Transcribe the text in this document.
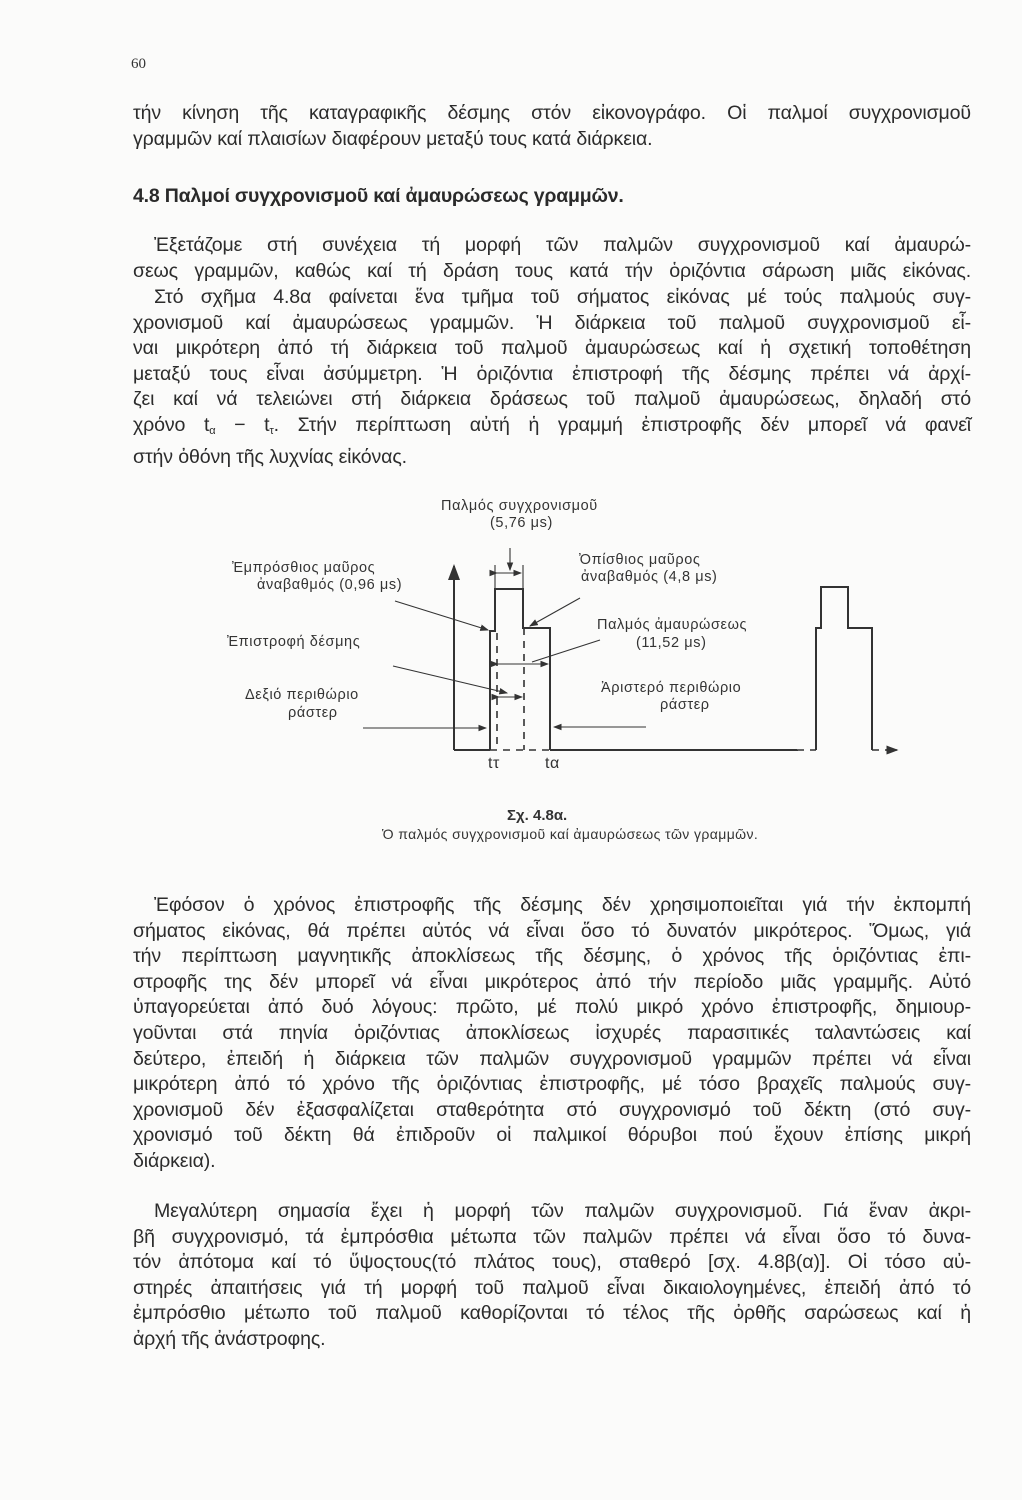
60
τήν κίνηση τῆς καταγραφικῆς δέσμης στόν εἰκονογράφο. Οἱ παλμοί συγχρονισμοῦ
γραμμῶν καί πλαισίων διαφέρουν μεταξύ τους κατά διάρκεια.
4.8 Παλμοί συγχρονισμοῦ καί ἀμαυρώσεως γραμμῶν.
Ἐξετάζομε στή συνέχεια τή μορφή τῶν παλμῶν συγχρονισμοῦ καί ἀμαυρώ-
σεως γραμμῶν, καθώς καί τή δράση τους κατά τήν ὁριζόντια σάρωση μιᾶς εἰκόνας.
Στό σχῆμα 4.8α φαίνεται ἕνα τμῆμα τοῦ σήματος εἰκόνας μέ τούς παλμούς συγ-
χρονισμοῦ καί ἀμαυρώσεως γραμμῶν. Ἡ διάρκεια τοῦ παλμοῦ συγχρονισμοῦ εἶ-
ναι μικρότερη ἀπό τή διάρκεια τοῦ παλμοῦ ἀμαυρώσεως καί ἡ σχετική τοποθέτηση
μεταξύ τους εἶναι ἀσύμμετρη. Ἡ ὁριζόντια ἐπιστροφή τῆς δέσμης πρέπει νά ἀρχί-
ζει καί νά τελειώνει στή διάρκεια δράσεως τοῦ παλμοῦ ἀμαυρώσεως, δηλαδή στό
χρόνο $t_\alpha - t_\tau$. Στήν περίπτωση αὐτή ἡ γραμμή ἐπιστροφῆς δέν μπορεῖ νά φανεῖ
στήν ὀθόνη τῆς λυχνίας εἰκόνας.
Παλμός συγχρονισμοῦ
(5,76 μs)
Ἐμπρόσθιος μαῦρος
ἀναβαθμός (0,96 μs)
Ὀπίσθιος μαῦρος
ἀναβαθμός (4,8 μs)
Παλμός ἀμαυρώσεως
(11,52 μs)
Ἐπιστροφή δέσμης
Δεξιό περιθώριο
ράστερ
Ἀριστερό περιθώριο
ράστερ
tτ	tα
Σχ. 4.8α.
Ὁ παλμός συγχρονισμοῦ καί ἀμαυρώσεως τῶν γραμμῶν.
Ἐφόσον ὁ χρόνος ἐπιστροφῆς τῆς δέσμης δέν χρησιμοποιεῖται γιά τήν ἐκπομπή
σήματος εἰκόνας, θά πρέπει αὐτός νά εἶναι ὅσο τό δυνατόν μικρότερος. Ὅμως, γιά
τήν περίπτωση μαγνητικῆς ἀποκλίσεως τῆς δέσμης, ὁ χρόνος τῆς ὁριζόντιας ἐπι-
στροφῆς της δέν μπορεῖ νά εἶναι μικρότερος ἀπό τήν περίοδο μιᾶς γραμμῆς. Αὐτό
ὑπαγορεύεται ἀπό δυό λόγους: πρῶτο, μέ πολύ μικρό χρόνο ἐπιστροφῆς, δημιουρ-
γοῦνται στά πηνία ὁριζόντιας ἀποκλίσεως ἰσχυρές παρασιτικές ταλαντώσεις καί
δεύτερο, ἐπειδή ἡ διάρκεια τῶν παλμῶν συγχρονισμοῦ γραμμῶν πρέπει νά εἶναι
μικρότερη ἀπό τό χρόνο τῆς ὁριζόντιας ἐπιστροφῆς, μέ τόσο βραχεῖς παλμούς συγ-
χρονισμοῦ δέν ἐξασφαλίζεται σταθερότητα στό συγχρονισμό τοῦ δέκτη (στό συγ-
χρονισμό τοῦ δέκτη θά ἐπιδροῦν οἱ παλμικοί θόρυβοι πού ἔχουν ἐπίσης μικρή
διάρκεια).
Μεγαλύτερη σημασία ἔχει ἡ μορφή τῶν παλμῶν συγχρονισμοῦ. Γιά ἕναν ἀκρι-
βῆ συγχρονισμό, τά ἐμπρόσθια μέτωπα τῶν παλμῶν πρέπει νά εἶναι ὅσο τό δυνα-
τόν ἀπότομα καί τό ὕψοςτους(τό πλάτος τους), σταθερό [σχ. 4.8β(α)]. Οἱ τόσο αὐ-
στηρές ἀπαιτήσεις γιά τή μορφή τοῦ παλμοῦ εἶναι δικαιολογημένες, ἐπειδή ἀπό τό
ἐμπρόσθιο μέτωπο τοῦ παλμοῦ καθορίζονται τό τέλος τῆς ὀρθῆς σαρώσεως καί ἡ
ἀρχή τῆς ἀνάστροφης.
